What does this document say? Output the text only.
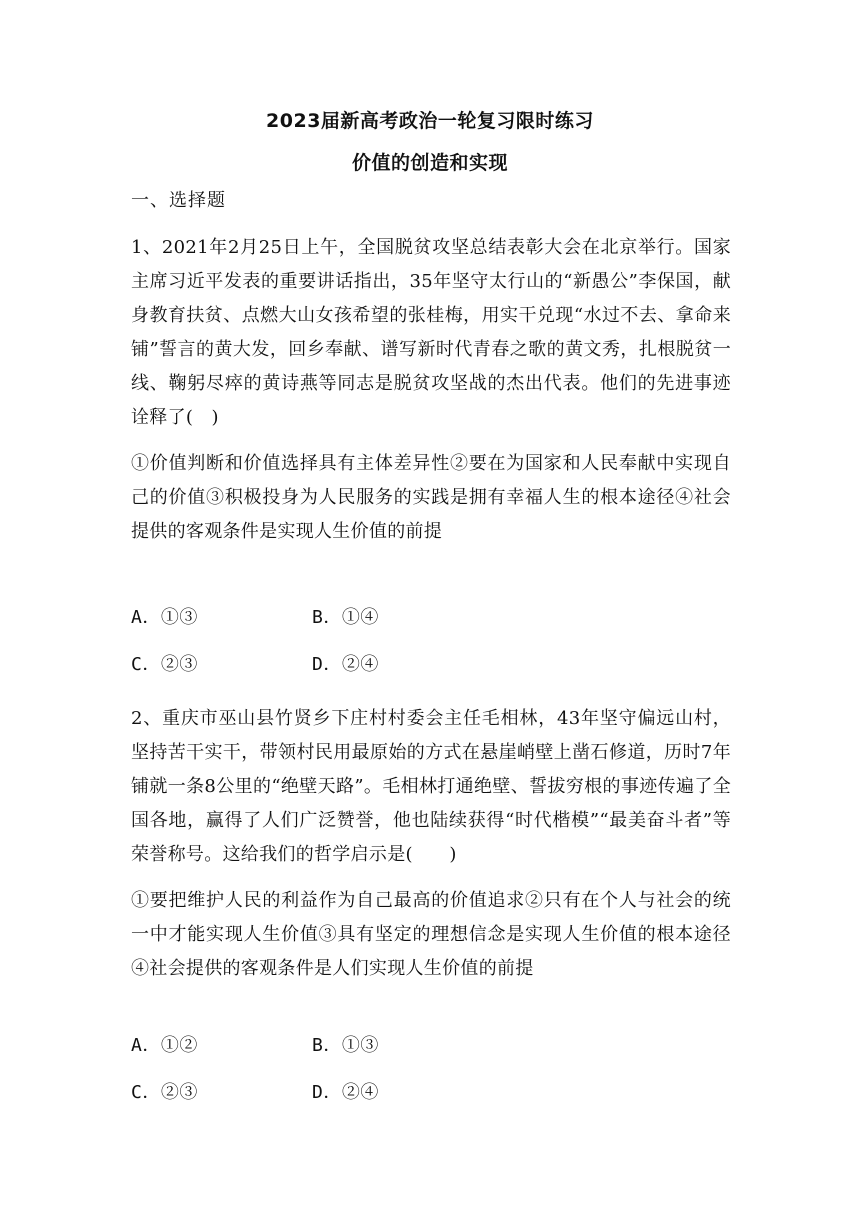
2023届新高考政治一轮复习限时练习
价值的创造和实现
一、选择题
1、2021年2月25日上午，全国脱贫攻坚总结表彰大会在北京举行。国家主席习近平发表的重要讲话指出，35年坚守太行山的“新愚公”李保国，献身教育扶贫、点燃大山女孩希望的张桂梅，用实干兑现“水过不去、拿命来铺”誓言的黄大发，回乡奉献、谱写新时代青春之歌的黄文秀，扎根脱贫一线、鞠躬尽瘁的黄诗燕等同志是脱贫攻坚战的杰出代表。他们的先进事迹诠释了(　)
①价值判断和价值选择具有主体差异性②要在为国家和人民奉献中实现自己的价值③积极投身为人民服务的实践是拥有幸福人生的根本途径④社会提供的客观条件是实现人生价值的前提
A．①③	B．①④
C．②③	D．②④
2、重庆市巫山县竹贤乡下庄村村委会主任毛相林，43年坚守偏远山村，坚持苦干实干，带领村民用最原始的方式在悬崖峭壁上凿石修道，历时7年铺就一条8公里的“绝壁天路”。毛相林打通绝壁、誓拔穷根的事迹传遍了全国各地，赢得了人们广泛赞誉，他也陆续获得“时代楷模”“最美奋斗者”等荣誉称号。这给我们的哲学启示是(　　)
①要把维护人民的利益作为自己最高的价值追求②只有在个人与社会的统一中才能实现人生价值③具有坚定的理想信念是实现人生价值的根本途径④社会提供的客观条件是人们实现人生价值的前提
A．①②	B．①③
C．②③	D．②④
